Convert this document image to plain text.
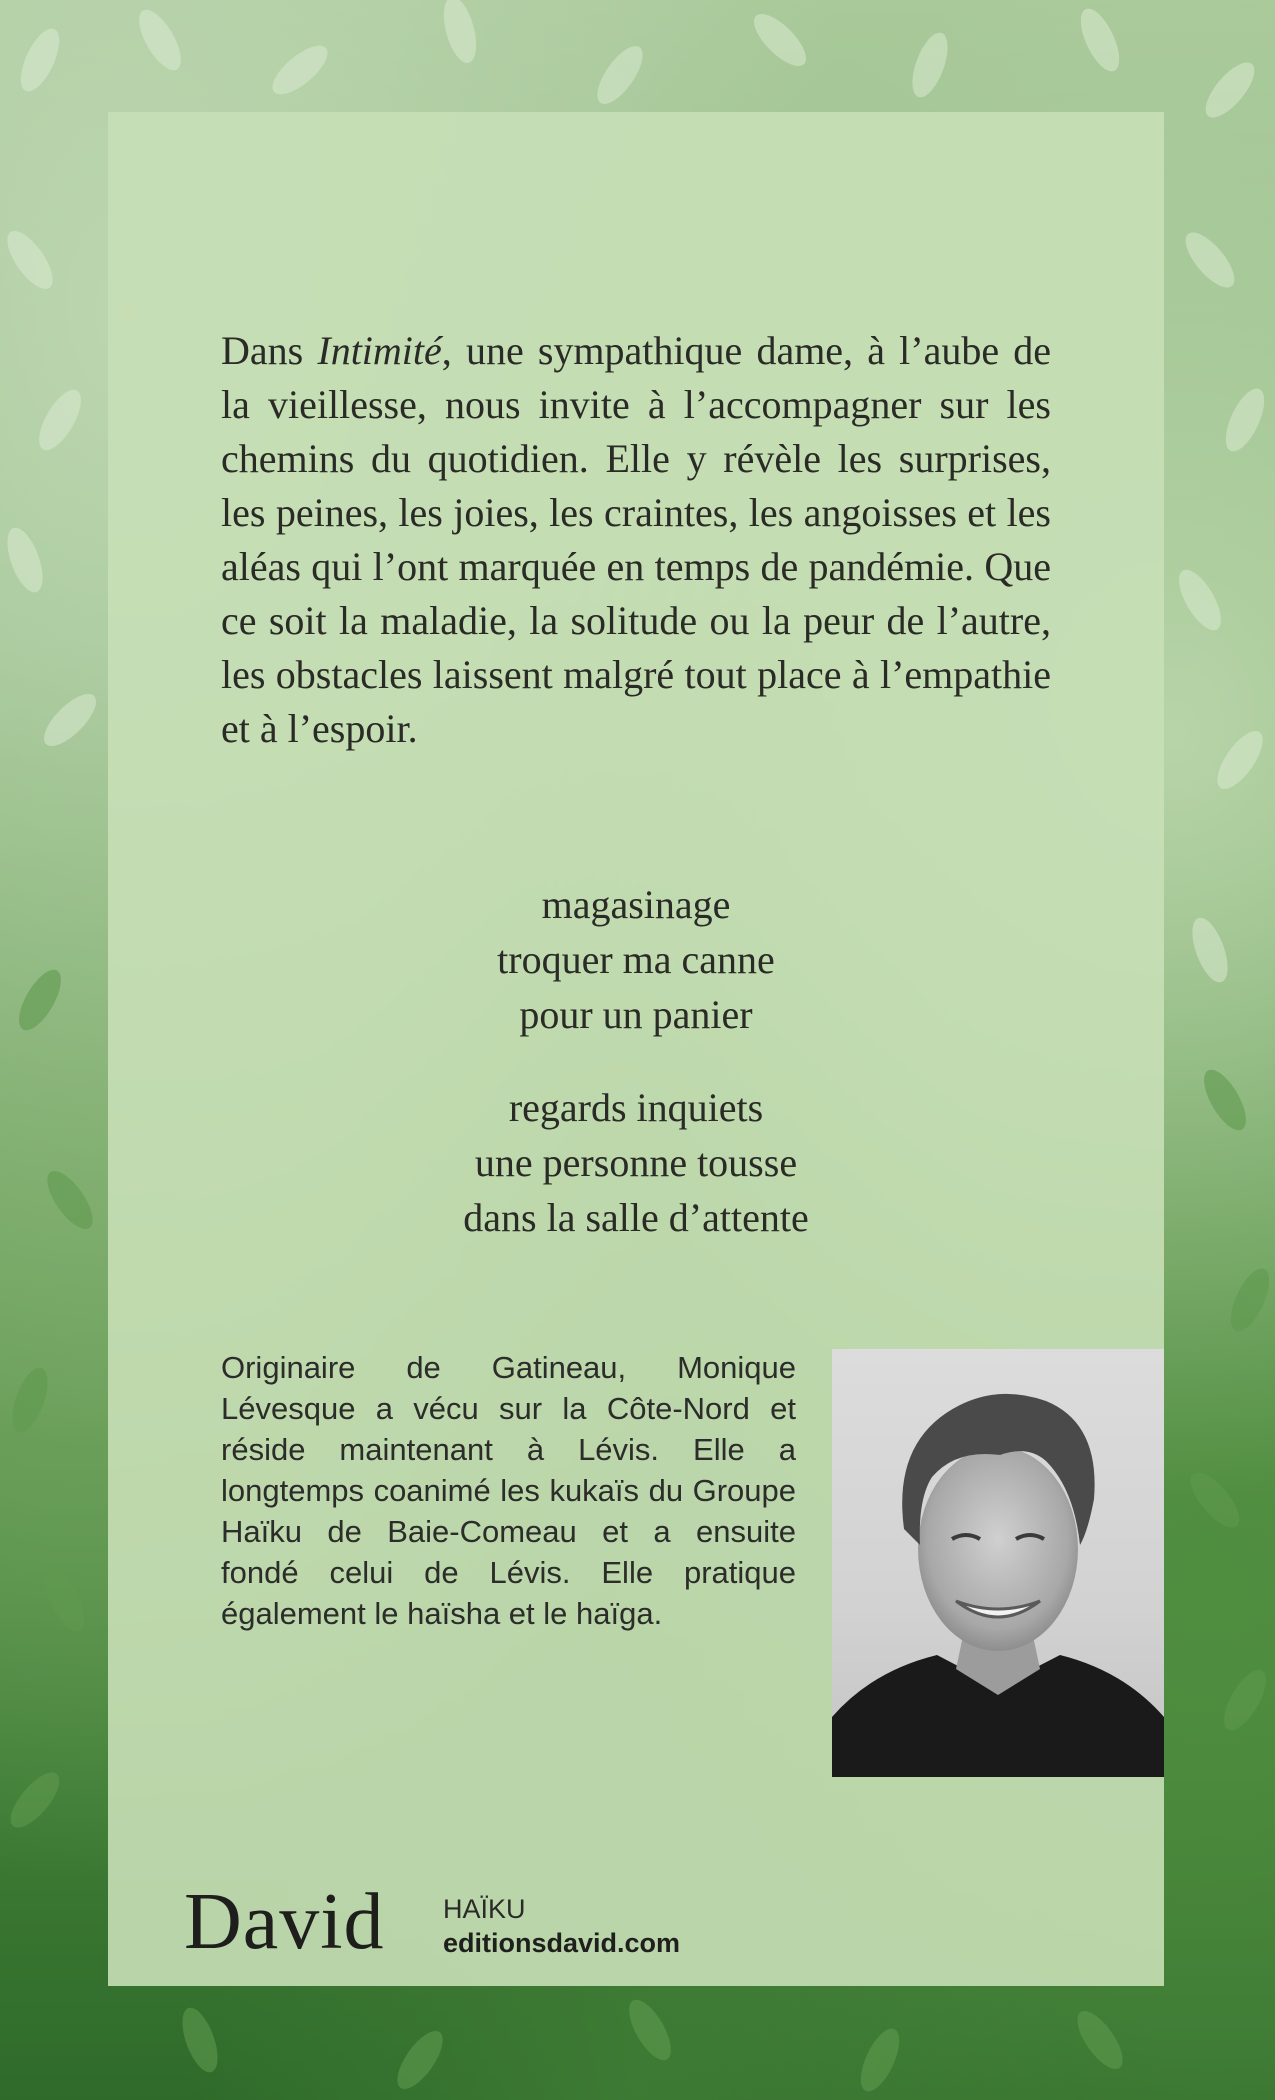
Dans Intimité, une sympathique dame, à l’aube de la vieillesse, nous invite à l’accompagner sur les chemins du quotidien. Elle y révèle les surprises, les peines, les joies, les craintes, les angoisses et les aléas qui l’ont marquée en temps de pandémie. Que ce soit la maladie, la solitude ou la peur de l’autre, les obstacles laissent malgré tout place à l’empathie et à l’espoir.

magasinage
troquer ma canne
pour un panier
regards inquiets
une personne tousse
dans la salle d’attente

Originaire de Gatineau, Monique Lévesque a vécu sur la Côte-Nord et réside maintenant à Lévis. Elle a longtemps coanimé les kukaïs du Groupe Haïku de Baie-Comeau et a ensuite fondé celui de Lévis. Elle pratique également le haïsha et le haïga.

David HAÏKU
editionsdavid.com
